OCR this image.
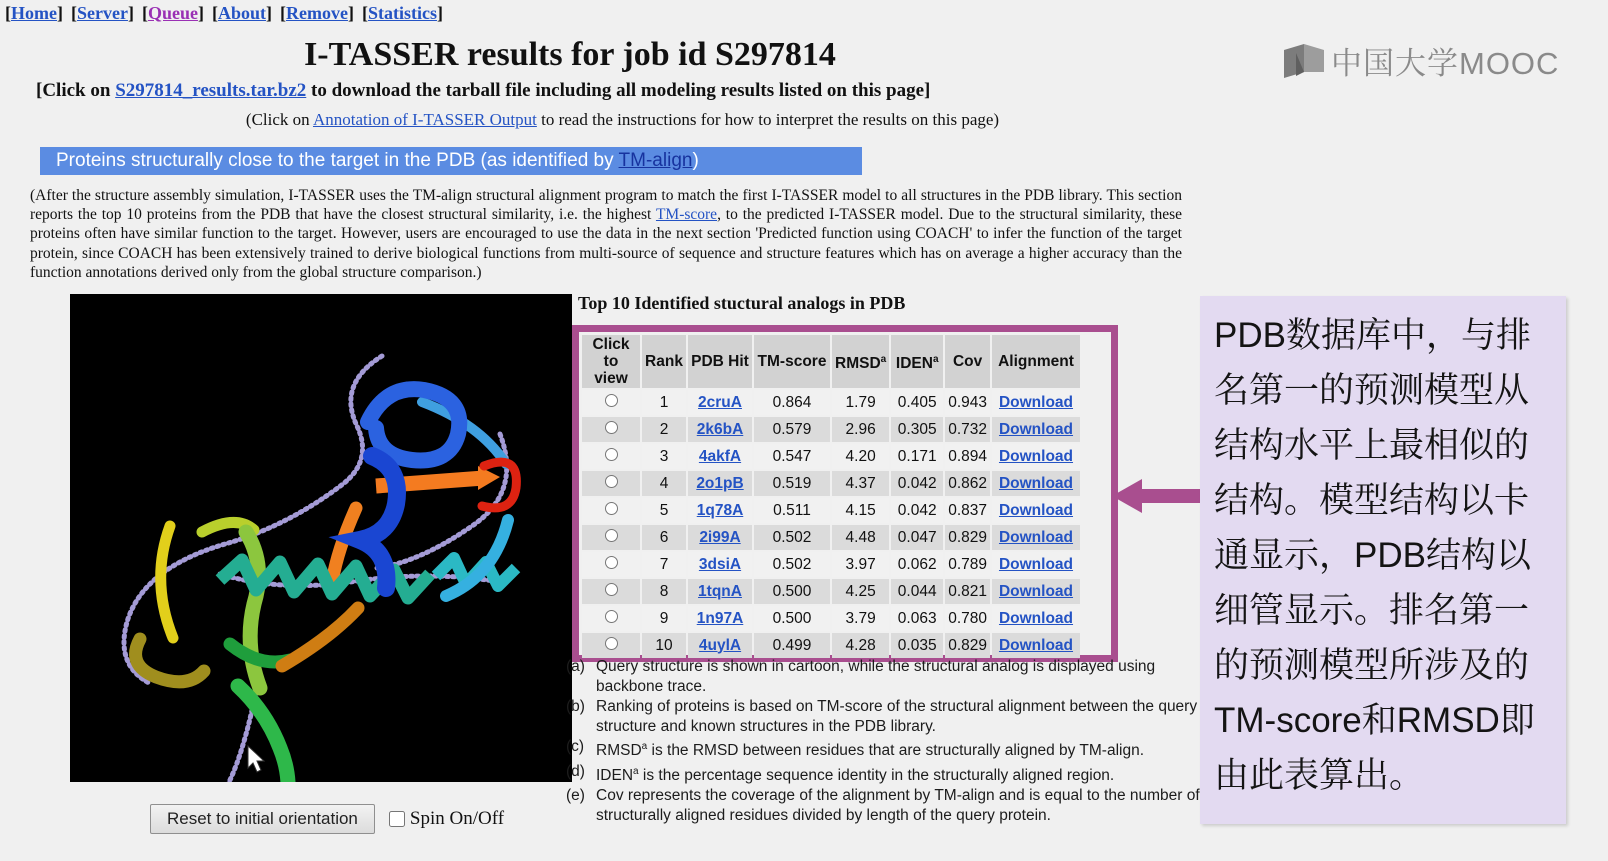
[Home] [Server] [Queue] [About] [Remove] [Statistics]
中国大学MOOC
I-TASSER results for job id S297814
[Click on S297814_results.tar.bz2 to download the tarball file including all modeling results listed on this page]
(Click on Annotation of I-TASSER Output to read the instructions for how to interpret the results on this page)
Proteins structurally close to the target in the PDB (as identified by TM-align)
(After the structure assembly simulation, I-TASSER uses the TM-align structural alignment program to match the first I-TASSER model to all structures in the PDB library. This section reports the top 10 proteins from the PDB that have the closest structural similarity, i.e. the highest TM-score, to the predicted I-TASSER model. Due to the structural similarity, these proteins often have similar function to the target. However, users are encouraged to use the data in the next section 'Predicted function using COACH' to infer the function of the target protein, since COACH has been extensively trained to derive biological functions from multi-source of sequence and structure features which has on average a higher accuracy than the function annotations derived only from the global structure comparison.)
Reset to initial orientation	Spin On/Off
Top 10 Identified stuctural analogs in PDB
Click to view	Rank	PDB Hit	TM-score	RMSD$^a$	IDEN$^a$	Cov	Alignment
	1	2cruA	0.864	1.79	0.405	0.943	Download
	2	2k6bA	0.579	2.96	0.305	0.732	Download
	3	4akfA	0.547	4.20	0.171	0.894	Download
	4	2o1pB	0.519	4.37	0.042	0.862	Download
	5	1q78A	0.511	4.15	0.042	0.837	Download
	6	2i99A	0.502	4.48	0.047	0.829	Download
	7	3dsiA	0.502	3.97	0.062	0.789	Download
	8	1tqnA	0.500	4.25	0.044	0.821	Download
	9	1n97A	0.500	3.79	0.063	0.780	Download
	10	4uylA	0.499	4.28	0.035	0.829	Download
(a) Query structure is shown in cartoon, while the structural analog is displayed using backbone trace.
(b) Ranking of proteins is based on TM-score of the structural alignment between the query structure and known structures in the PDB library.
(c) RMSD$^a$ is the RMSD between residues that are structurally aligned by TM-align.
(d) IDEN$^a$ is the percentage sequence identity in the structurally aligned region.
(e) Cov represents the coverage of the alignment by TM-align and is equal to the number of structurally aligned residues divided by length of the query protein.
PDB数据库中，与排名第一的预测模型从结构水平上最相似的结构。模型结构以卡通显示，PDB结构以细管显示。排名第一的预测模型所涉及的TM-score和RMSD即由此表算出。
